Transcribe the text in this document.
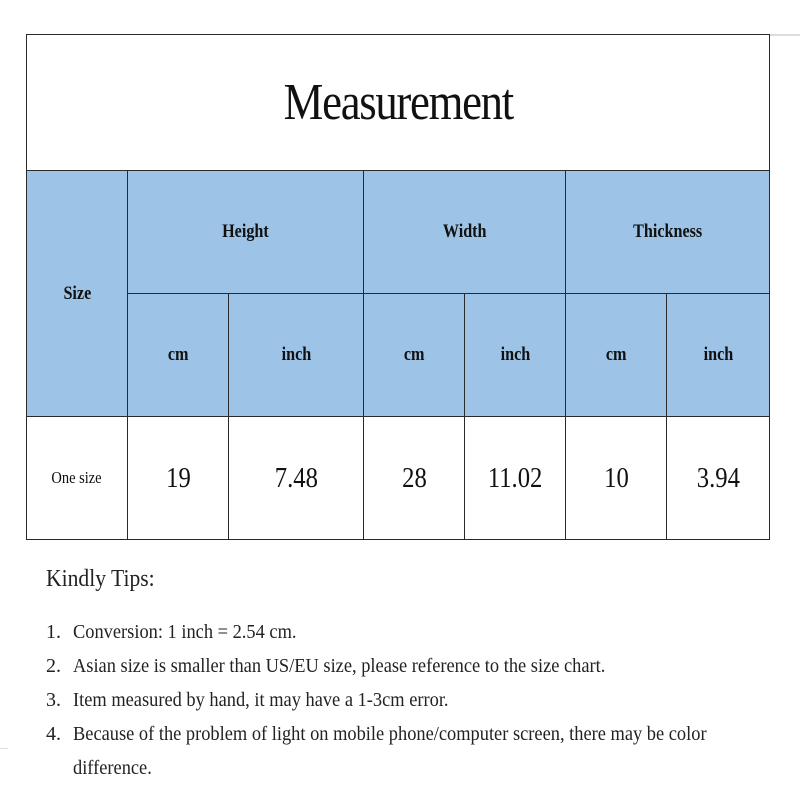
Measurement						
Size	Height		Width		Thickness	
	cm	inch	cm	inch	cm	inch
One size	19	7.48	28	11.02	10	3.94
Kindly Tips:
1. Conversion: 1 inch = 2.54 cm.
2. Asian size is smaller than US/EU size, please reference to the size chart.
3. Item measured by hand, it may have a 1-3cm error.
4. Because of the problem of light on mobile phone/computer screen, there may be color difference.
